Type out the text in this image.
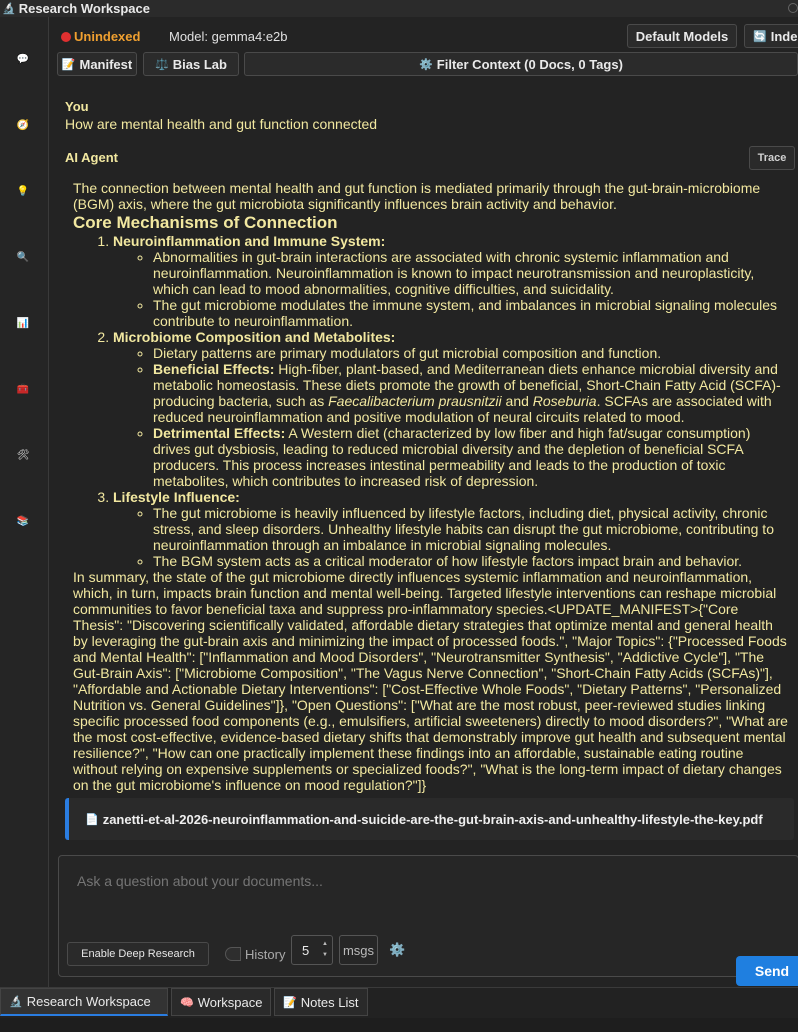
🔬 Research Workspace
💬
🧭
💡
🔍
📊
🧰
🛠
📚
Unindexed Model: gemma4:e2b	Default Models	🔄 Inde
📝 Manifest ⚖️ Bias Lab	⚙️ Filter Context (0 Docs, 0 Tags)
You
How are mental health and gut function connected
AI Agent	Trace

The connection between mental health and gut function is mediated primarily through the gut-brain-microbiome (BGM) axis, where the gut microbiota significantly influences brain activity and behavior.

Core Mechanisms of Connection
1. Neuroinflammation and Immune System:
◦ Abnormalities in gut-brain interactions are associated with chronic systemic inflammation and neuroinflammation. Neuroinflammation is known to impact neurotransmission and neuroplasticity, which can lead to mood abnormalities, cognitive difficulties, and suicidality.
◦ The gut microbiome modulates the immune system, and imbalances in microbial signaling molecules contribute to neuroinflammation.
2. Microbiome Composition and Metabolites:
◦ Dietary patterns are primary modulators of gut microbial composition and function.
◦ Beneficial Effects: High-fiber, plant-based, and Mediterranean diets enhance microbial diversity and metabolic homeostasis. These diets promote the growth of beneficial, Short-Chain Fatty Acid (SCFA)-producing bacteria, such as Faecalibacterium prausnitzii and Roseburia. SCFAs are associated with reduced neuroinflammation and positive modulation of neural circuits related to mood.
◦ Detrimental Effects: A Western diet (characterized by low fiber and high fat/sugar consumption) drives gut dysbiosis, leading to reduced microbial diversity and the depletion of beneficial SCFA producers. This process increases intestinal permeability and leads to the production of toxic metabolites, which contributes to increased risk of depression.
3. Lifestyle Influence:
◦ The gut microbiome is heavily influenced by lifestyle factors, including diet, physical activity, chronic stress, and sleep disorders. Unhealthy lifestyle habits can disrupt the gut microbiome, contributing to neuroinflammation through an imbalance in microbial signaling molecules.
◦ The BGM system acts as a critical moderator of how lifestyle factors impact brain and behavior.

In summary, the state of the gut microbiome directly influences systemic inflammation and neuroinflammation, which, in turn, impacts brain function and mental well-being. Targeted lifestyle interventions can reshape microbial communities to favor beneficial taxa and suppress pro-inflammatory species.<UPDATE_MANIFEST>{"Core Thesis": "Discovering scientifically validated, affordable dietary strategies that optimize mental and general health by leveraging the gut-brain axis and minimizing the impact of processed foods.", "Major Topics": {"Processed Foods and Mental Health": ["Inflammation and Mood Disorders", "Neurotransmitter Synthesis", "Addictive Cycle"], "The Gut-Brain Axis": ["Microbiome Composition", "The Vagus Nerve Connection", "Short-Chain Fatty Acids (SCFAs)"], "Affordable and Actionable Dietary Interventions": ["Cost-Effective Whole Foods", "Dietary Patterns", "Personalized Nutrition vs. General Guidelines"]}, "Open Questions": ["What are the most robust, peer-reviewed studies linking specific processed food components (e.g., emulsifiers, artificial sweeteners) directly to mood disorders?", "What are the most cost-effective, evidence-based dietary shifts that demonstrably improve gut health and subsequent mental resilience?", "How can one practically implement these findings into an affordable, sustainable eating routine without relying on expensive supplements or specialized foods?", "What is the long-term impact of dietary changes on the gut microbiome's influence on mood regulation?"]}

📄 zanetti-et-al-2026-neuroinflammation-and-suicide-are-the-gut-brain-axis-and-unhealthy-lifestyle-the-key.pdf
Ask a question about your documents...
Enable Deep Research	History 5	▲
▼	msgs	⚙️
Send
🔬 Research Workspace	🧠 Workspace 📝 Notes List
